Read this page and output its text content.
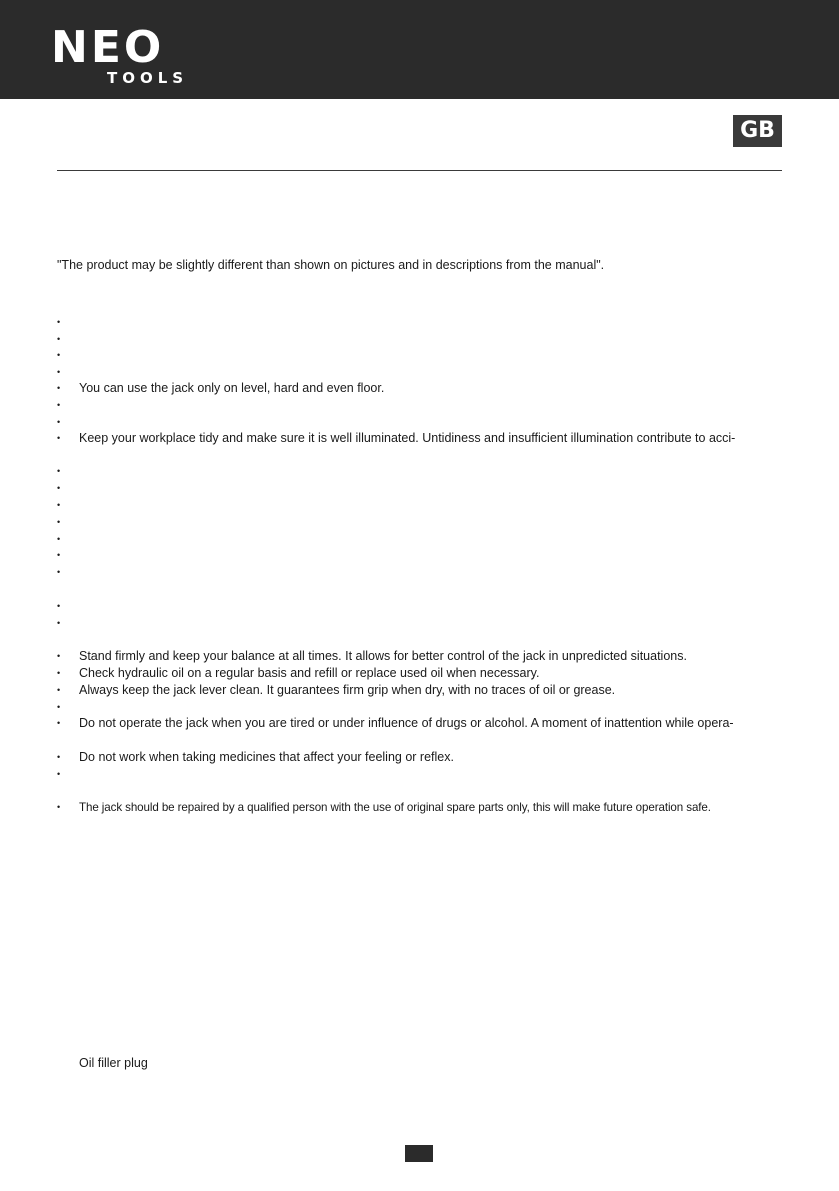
NEO
TOOLS
GB
"The product may be slightly different than shown on pictures and in descriptions from the manual".
•
•
•
•
•	You can use the jack only on level, hard and even floor.
•
•
•	Keep your workplace tidy and make sure it is well illuminated. Untidiness and insufficient illumination contribute to acci-
•
•
•
•
•
•
•
•
•
•	Stand firmly and keep your balance at all times. It allows for better control of the jack in unpredicted situations.
•	Check hydraulic oil on a regular basis and refill or replace used oil when necessary.
•	Always keep the jack lever clean. It guarantees firm grip when dry, with no traces of oil or grease.
•
•	Do not operate the jack when you are tired or under influence of drugs or alcohol. A moment of inattention while opera-
•	Do not work when taking medicines that affect your feeling or reflex.
•
•	The jack should be repaired by a qualified person with the use of original spare parts only, this will make future operation safe.
Oil filler plug
